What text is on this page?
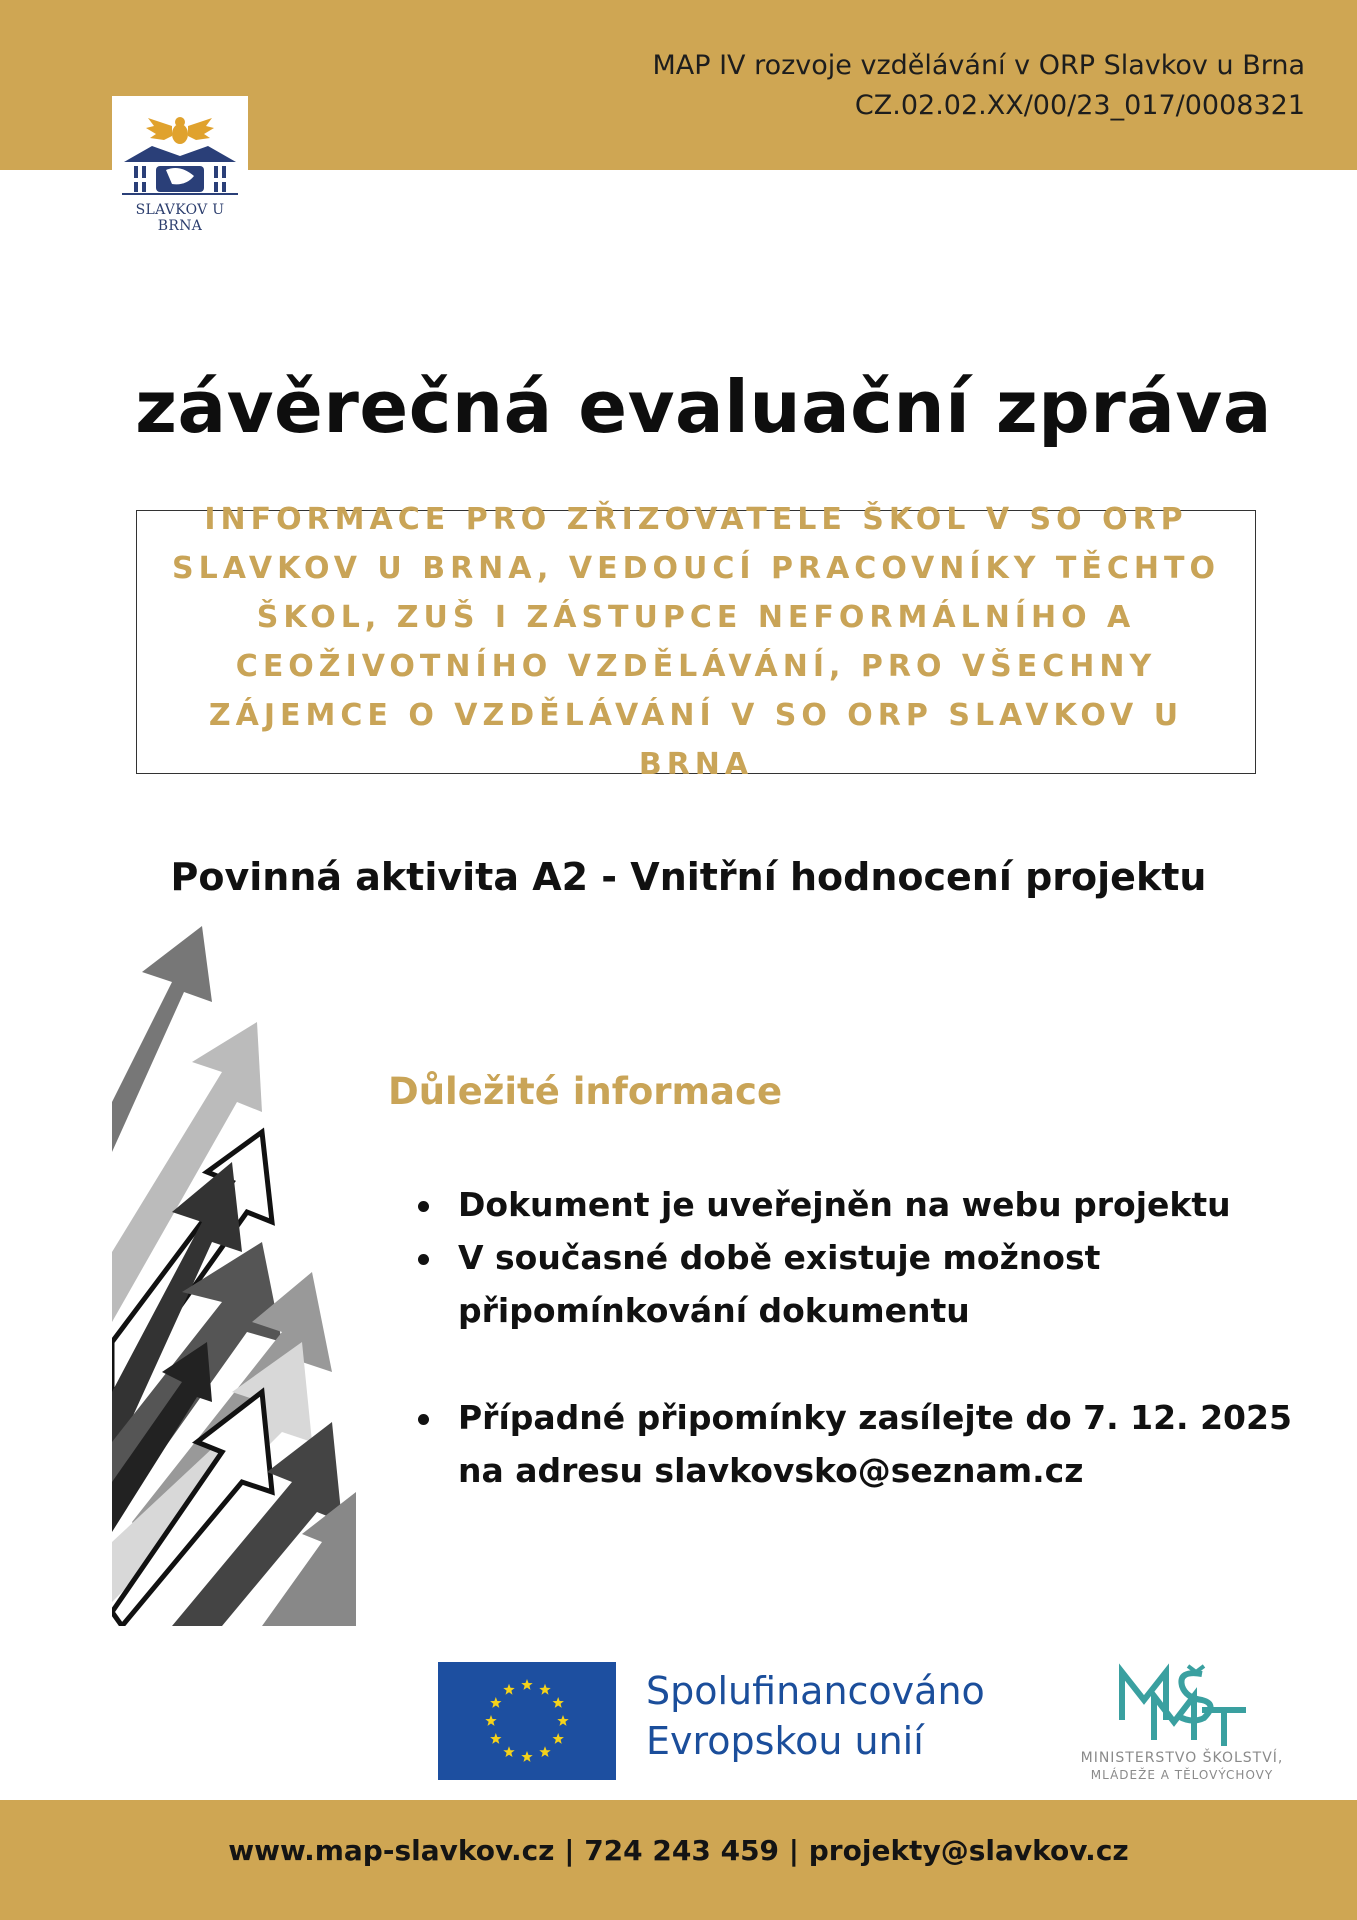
MAP IV rozvoje vzdělávání v ORP Slavkov u Brna
CZ.02.02.XX/00/23_017/0008321
SLAVKOV U BRNA
závěrečná evaluační zpráva

INFORMACE PRO ZŘIZOVATELE ŠKOL V SO ORP SLAVKOV U BRNA, VEDOUCÍ PRACOVNÍKY TĚCHTO ŠKOL, ZUŠ I ZÁSTUPCE NEFORMÁLNÍHO A CEOŽIVOTNÍHO VZDĚLÁVÁNÍ, PRO VŠECHNY ZÁJEMCE O VZDĚLÁVÁNÍ V SO ORP SLAVKOV U BRNA

Povinná aktivita A2 - Vnitřní hodnocení projektu
Důležité informace
Dokument je uveřejněn na webu projektu
V současné době existuje možnost připomínkování dokumentu
Případné připomínky zasílejte do 7. 12. 2025 na adresu slavkovsko@seznam.cz
Spolufinancováno
Evropskou unií	MINISTERSTVO ŠKOLSTVÍ,
MLÁDEŽE A TĚLOVÝCHOVY
www.map-slavkov.cz | 724 243 459 | projekty@slavkov.cz
